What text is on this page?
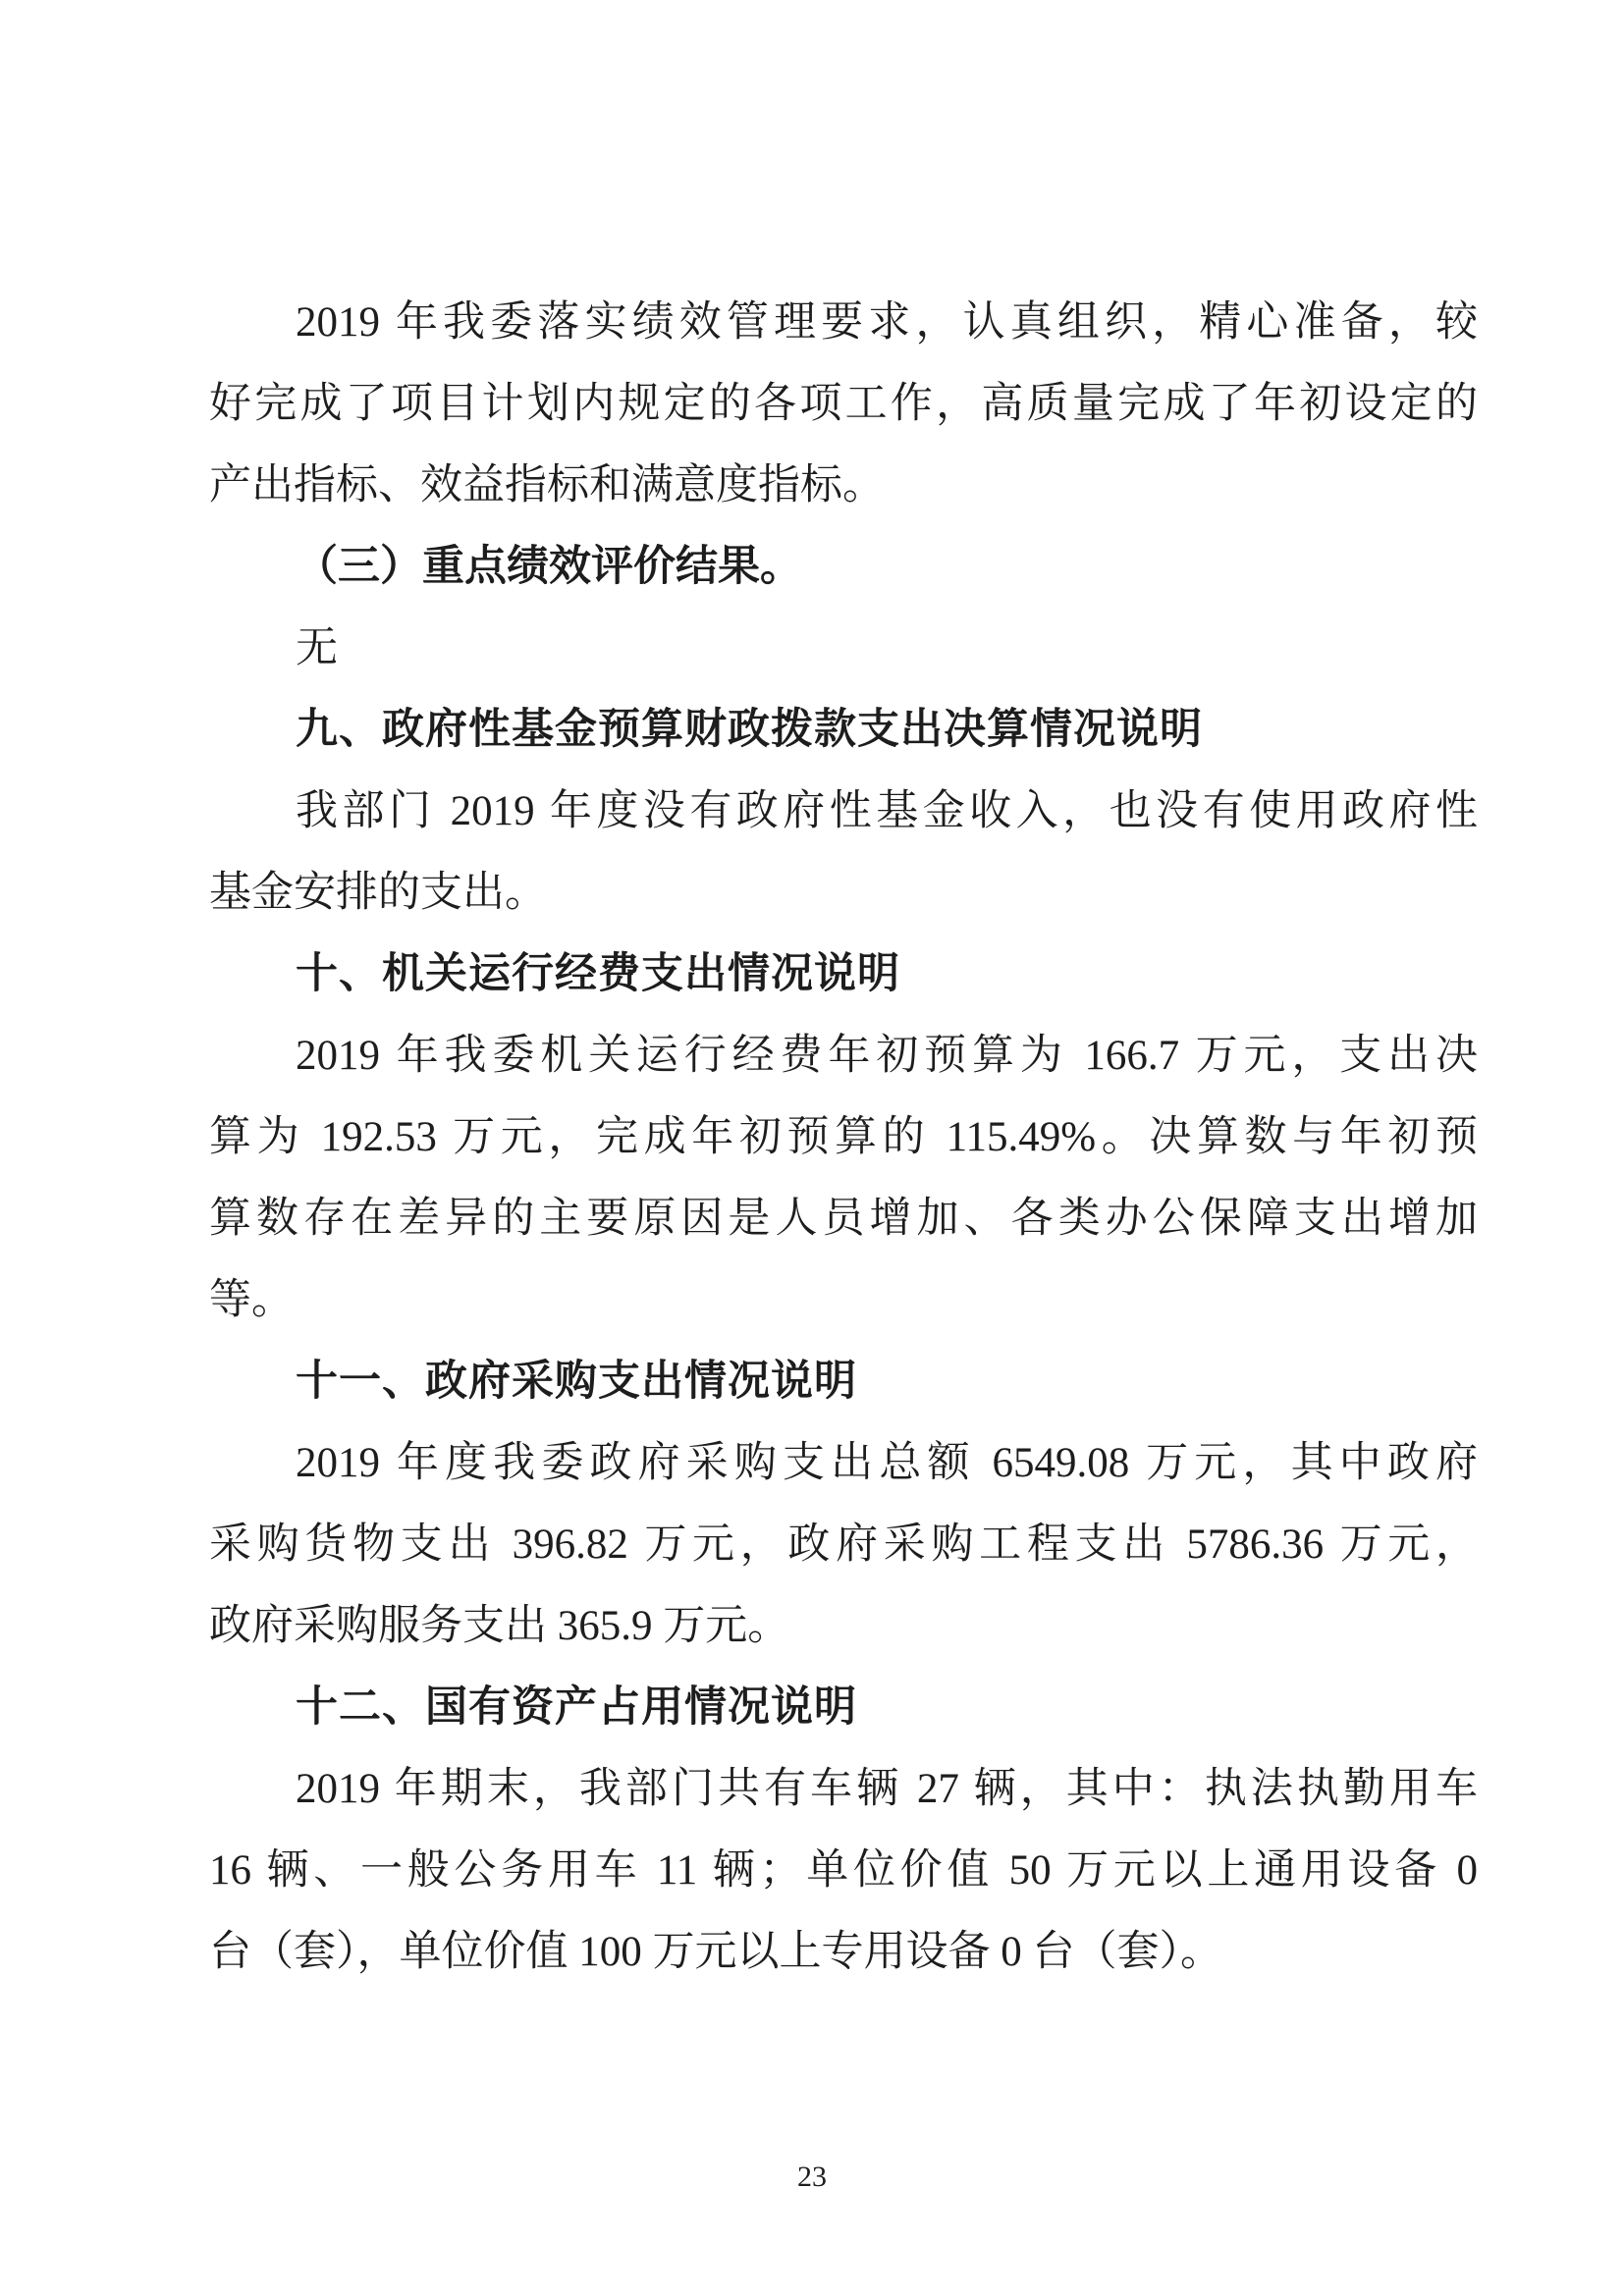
2019 年我委落实绩效管理要求，认真组织，精心准备，较
好完成了项目计划内规定的各项工作，高质量完成了年初设定的
产出指标、效益指标和满意度指标。
（三）重点绩效评价结果。
无
九、政府性基金预算财政拨款支出决算情况说明
我部门 2019 年度没有政府性基金收入，也没有使用政府性
基金安排的支出。
十、机关运行经费支出情况说明
2019 年我委机关运行经费年初预算为 166.7 万元，支出决
算为 192.53 万元，完成年初预算的 115.49%。决算数与年初预
算数存在差异的主要原因是人员增加、各类办公保障支出增加
等。
十一、政府采购支出情况说明
2019 年度我委政府采购支出总额 6549.08 万元，其中政府
采购货物支出 396.82 万元，政府采购工程支出 5786.36 万元，
政府采购服务支出 365.9 万元。
十二、国有资产占用情况说明
2019 年期末，我部门共有车辆 27 辆，其中：执法执勤用车
16 辆、一般公务用车 11 辆；单位价值 50 万元以上通用设备 0
台（套），单位价值 100 万元以上专用设备 0 台（套）。
23
